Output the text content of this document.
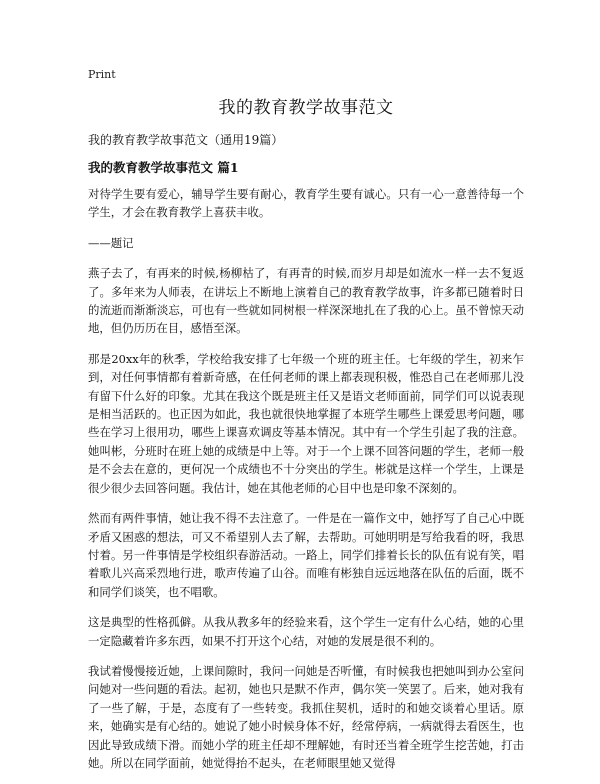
Print
我的教育教学故事范文
我的教育教学故事范文（通用19篇）
我的教育教学故事范文 篇1

对待学生要有爱心，辅导学生要有耐心，教育学生要有诚心。只有一心一意善待每一个学生，才会在教育教学上喜获丰收。

——题记

燕子去了，有再来的时候,杨柳枯了，有再青的时候,而岁月却是如流水一样一去不复返了。多年来为人师表，在讲坛上不断地上演着自己的教育教学故事，许多都已随着时日的流逝而渐渐淡忘，可也有一些就如同树根一样深深地扎在了我的心上。虽不曾惊天动地，但仍历历在目，感悟至深。

那是20xx年的秋季，学校给我安排了七年级一个班的班主任。七年级的学生，初来乍到，对任何事情都有着新奇感，在任何老师的课上都表现积极，惟恐自己在老师那儿没有留下什么好的印象。尤其在我这个既是班主任又是语文老师面前，同学们可以说表现是相当活跃的。也正因为如此，我也就很快地掌握了本班学生哪些上课爱思考问题，哪些在学习上很用功，哪些上课喜欢调皮等基本情况。其中有一个学生引起了我的注意。她叫彬，分班时在班上她的成绩是中上等。对于一个上课不回答问题的学生，老师一般是不会去在意的，更何况一个成绩也不十分突出的学生。彬就是这样一个学生，上课是很少很少去回答问题。我估计，她在其他老师的心目中也是印象不深刻的。

然而有两件事情，她让我不得不去注意了。一件是在一篇作文中，她抒写了自己心中既矛盾又困惑的想法，可又不希望别人去了解，去帮助。可她明明是写给我看的呀，我思忖着。另一件事情是学校组织春游活动。一路上，同学们排着长长的队伍有说有笑，唱着歌儿兴高采烈地行进，歌声传遍了山谷。而唯有彬独自远远地落在队伍的后面，既不和同学们谈笑，也不唱歌。

这是典型的性格孤僻。从我从教多年的经验来看，这个学生一定有什么心结，她的心里一定隐藏着许多东西，如果不打开这个心结，对她的发展是很不利的。

我试着慢慢接近她，上课间隙时，我问一问她是否听懂，有时候我也把她叫到办公室问问她对一些问题的看法。起初，她也只是默不作声，偶尔笑一笑罢了。后来，她对我有了一些了解，于是，态度有了一些转变。我抓住契机，适时的和她交谈着心里话。原来，她确实是有心结的。她说了她小时候身体不好，经常停病，一病就得去看医生，也因此导致成绩下滑。而她小学的班主任却不理解她，有时还当着全班学生挖苦她，打击她。所以在同学面前，她觉得抬不起头，在老师眼里她又觉得
